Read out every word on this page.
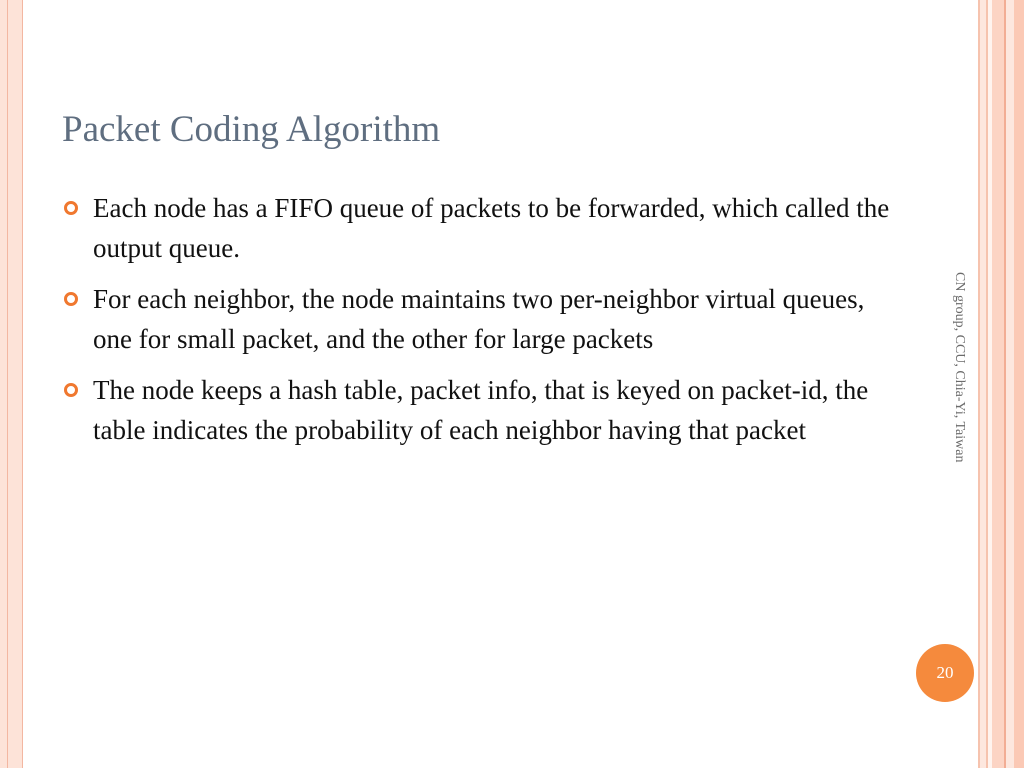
Packet Coding Algorithm
Each node has a FIFO queue of packets to be forwarded, which called the output queue.
For each neighbor, the node maintains two per-neighbor virtual queues, one for small packet, and the other for large packets
The node keeps a hash table, packet info, that is keyed on packet-id, the table indicates the probability of each neighbor having that packet	CN group, CCU, Chia-Yi, Taiwan
20
